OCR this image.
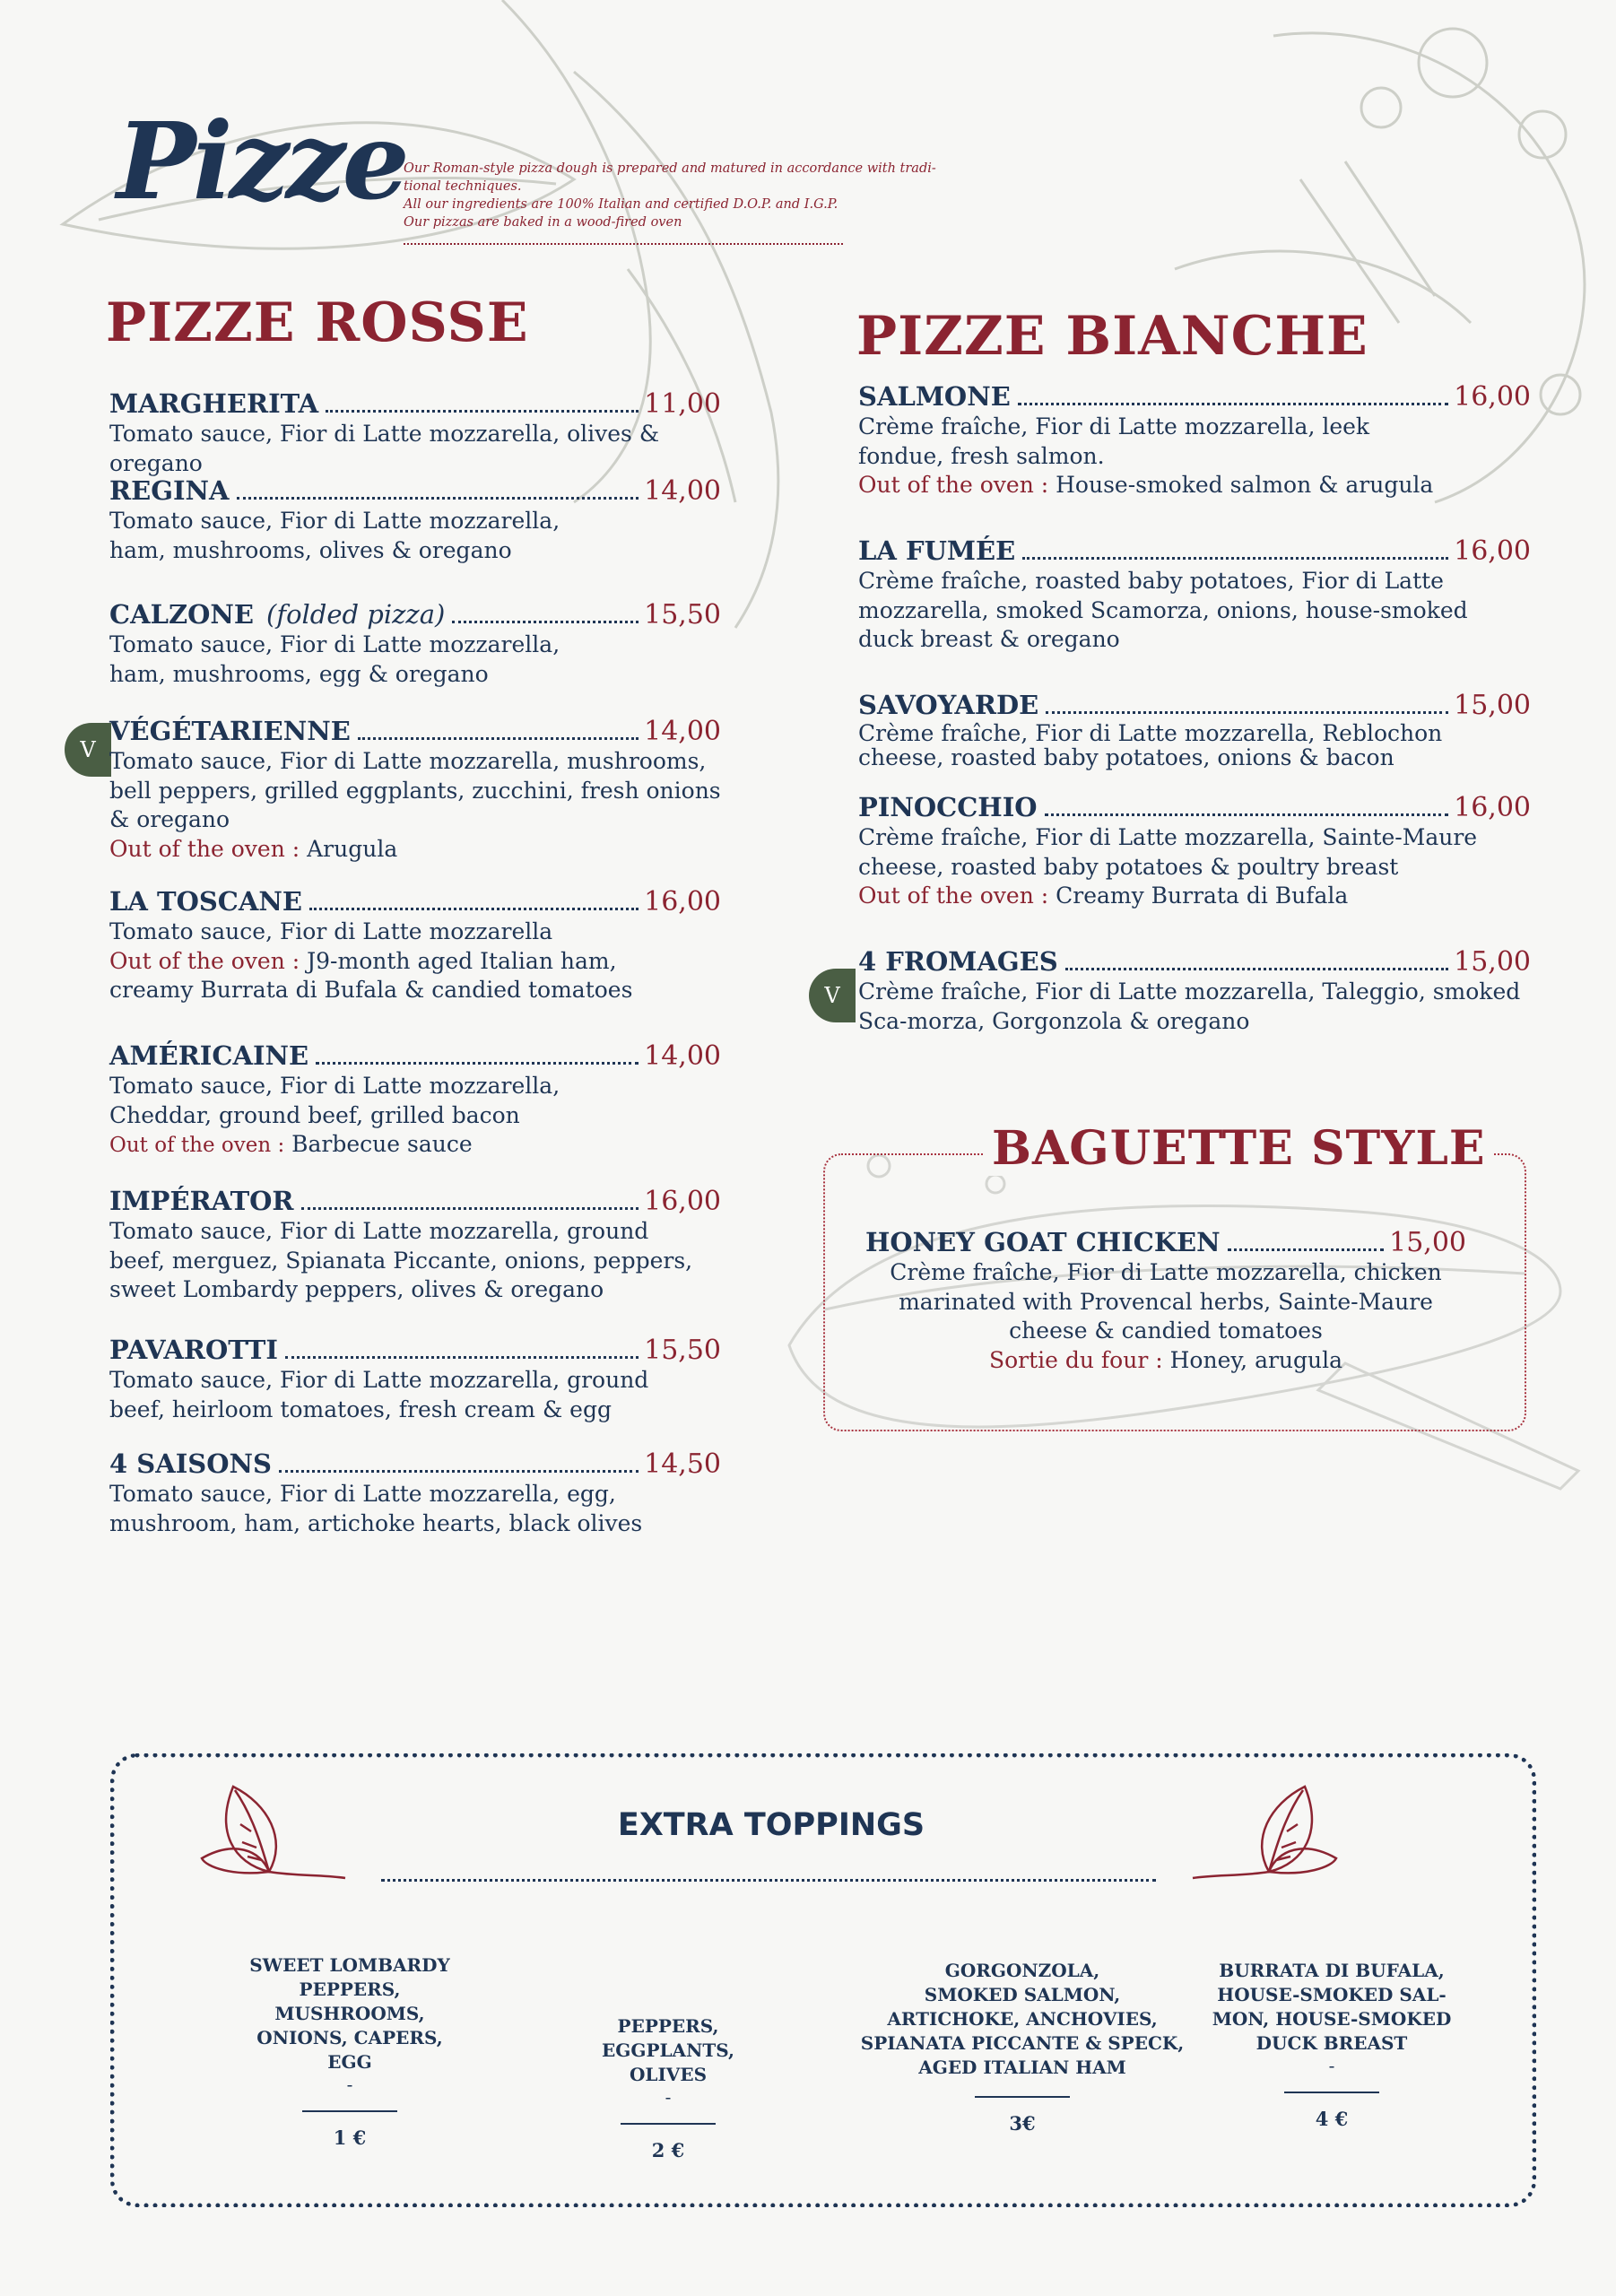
Pizze
Our Roman-style pizza dough is prepared and matured in accordance with tradi-
tional techniques.
All our ingredients are 100% Italian and certified D.O.P. and I.G.P.
Our pizzas are baked in a wood-fired oven
PIZZE ROSSE
MARGHERITA	11,00
Tomato sauce, Fior di Latte mozzarella, olives & oregano
REGINA	14,00
Tomato sauce, Fior di Latte mozzarella, ham, mushrooms, olives & oregano
CALZONE (folded pizza)	15,50
Tomato sauce, Fior di Latte mozzarella, ham, mushrooms, egg & oregano
V
VÉGÉTARIENNE	14,00
Tomato sauce, Fior di Latte mozzarella, mushrooms, bell peppers, grilled eggplants, zucchini, fresh onions & oregano
Out of the oven : Arugula
LA TOSCANE	16,00
Tomato sauce, Fior di Latte mozzarella
Out of the oven : J9-month aged Italian ham, creamy Burrata di Bufala & candied tomatoes
AMÉRICAINE	14,00
Tomato sauce, Fior di Latte mozzarella, Cheddar, ground beef, grilled bacon
Out of the oven : Barbecue sauce
IMPÉRATOR	16,00
Tomato sauce, Fior di Latte mozzarella, ground beef, merguez, Spianata Piccante, onions, peppers, sweet Lombardy peppers, olives & oregano
PAVAROTTI	15,50
Tomato sauce, Fior di Latte mozzarella, ground beef, heirloom tomatoes, fresh cream & egg
4 SAISONS	14,50
Tomato sauce, Fior di Latte mozzarella, egg, mushroom, ham, artichoke hearts, black olives
PIZZE BIANCHE
SALMONE	16,00
Crème fraîche, Fior di Latte mozzarella, leek fondue, fresh salmon.
Out of the oven : House-smoked salmon & arugula
LA FUMÉE	16,00
Crème fraîche, roasted baby potatoes, Fior di Latte mozzarella, smoked Scamorza, onions, house-smoked duck breast & oregano
SAVOYARDE	15,00
Crème fraîche, Fior di Latte mozzarella, Reblochon cheese, roasted baby potatoes, onions & bacon
PINOCCHIO	16,00
Crème fraîche, Fior di Latte mozzarella, Sainte-Maure cheese, roasted baby potatoes & poultry breast
Out of the oven : Creamy Burrata di Bufala
V
4 FROMAGES	15,00
Crème fraîche, Fior di Latte mozzarella, Taleggio, smoked Sca-morza, Gorgonzola & oregano
BAGUETTE STYLE
HONEY GOAT CHICKEN	15,00
Crème fraîche, Fior di Latte mozzarella, chicken marinated with Provencal herbs, Sainte-Maure cheese & candied tomatoes
Sortie du four : Honey, arugula
EXTRA TOPPINGS
SWEET LOMBARDY
PEPPERS,
MUSHROOMS,
ONIONS, CAPERS,
EGG
-
1 €
PEPPERS,
EGGPLANTS,
OLIVES
-
2 €
GORGONZOLA,
SMOKED SALMON,
ARTICHOKE, ANCHOVIES,
SPIANATA PICCANTE & SPECK,
AGED ITALIAN HAM
3€
BURRATA DI BUFALA,
HOUSE-SMOKED SAL-
MON, HOUSE-SMOKED
DUCK BREAST
-
4 €
